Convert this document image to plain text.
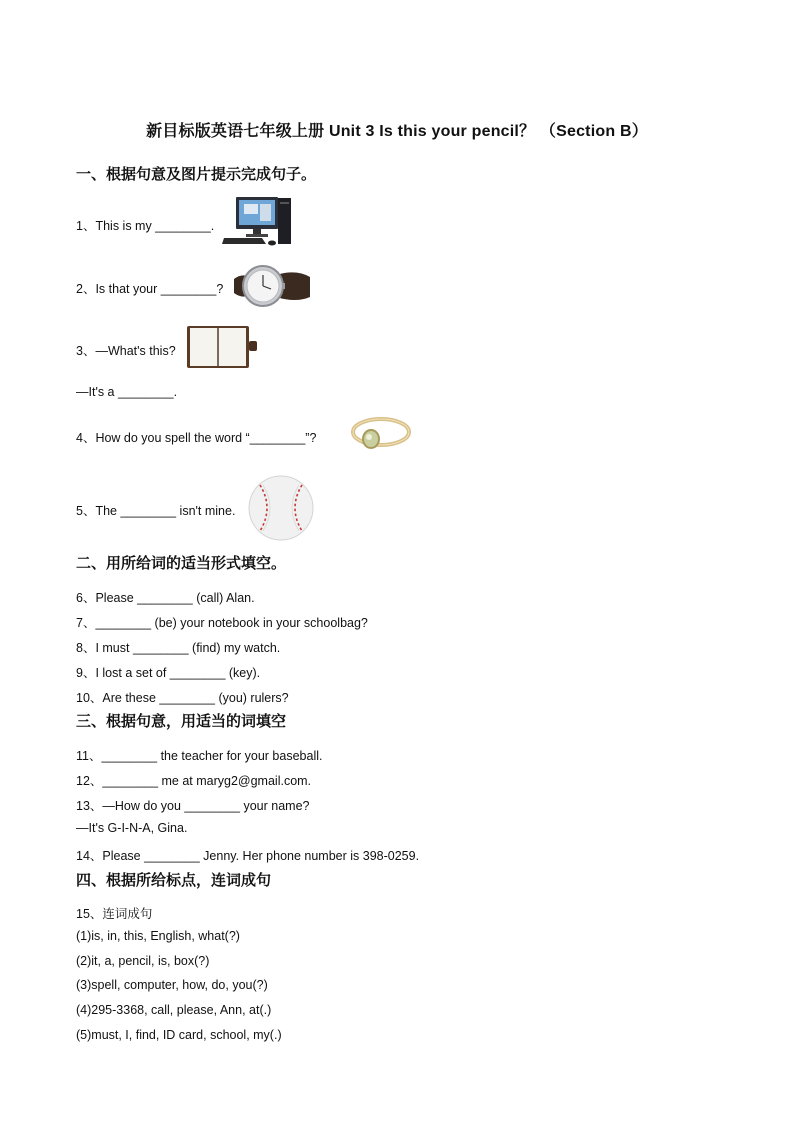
新目标版英语七年级上册 Unit 3 Is this your pencil？ （Section B）
一、根据句意及图片提示完成句子。
1、This is my ________.
2、Is that your ________?
3、—What's this?
—It's a ________.
4、How do you spell the word “________”?
5、The ________ isn't mine.
二、用所给词的适当形式填空。
6、Please ________ (call) Alan.
7、________ (be) your notebook in your schoolbag?
8、I must ________ (find) my watch.
9、I lost a set of ________ (key).
10、Are these ________ (you) rulers?
三、根据句意，用适当的词填空
11、________ the teacher for your baseball.
12、________ me at maryg2@gmail.com.
13、—How do you ________ your name?
—It's G-I-N-A, Gina.
14、Please ________ Jenny. Her phone number is 398-0259.
四、根据所给标点，连词成句
15、连词成句
(1)is, in, this, English, what(?)
(2)it, a, pencil, is, box(?)
(3)spell, computer, how, do, you(?)
(4)295-3368, call, please, Ann, at(.)
(5)must, I, find, ID card, school, my(.)
